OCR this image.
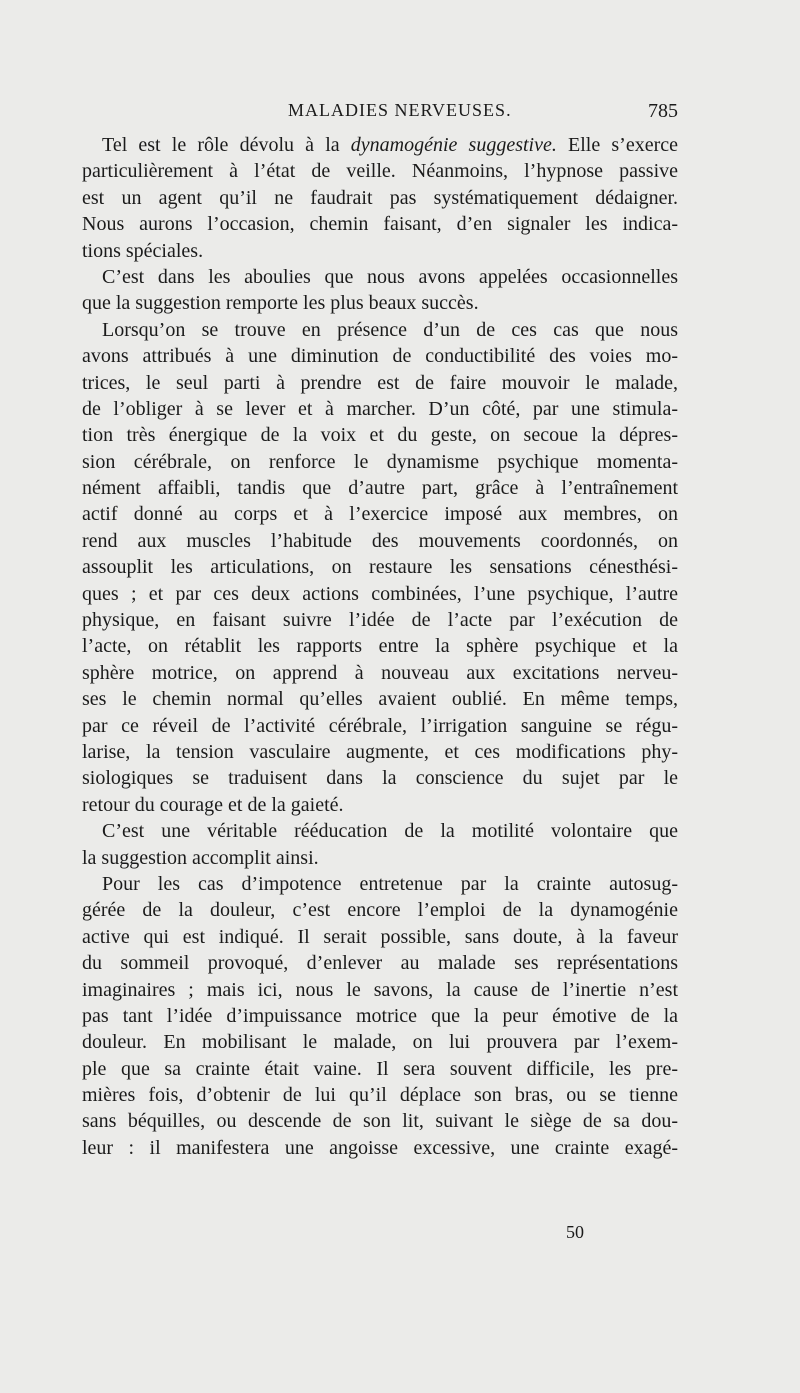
MALADIES NERVEUSES.	785
Tel est le rôle dévolu à la dynamogénie suggestive. Elle s’exerce
particulièrement à l’état de veille. Néanmoins, l’hypnose passive
est un agent qu’il ne faudrait pas systématiquement dédaigner.
Nous aurons l’occasion, chemin faisant, d’en signaler les indica-
tions spéciales.
C’est dans les aboulies que nous avons appelées occasionnelles
que la suggestion remporte les plus beaux succès.
Lorsqu’on se trouve en présence d’un de ces cas que nous
avons attribués à une diminution de conductibilité des voies mo-
trices, le seul parti à prendre est de faire mouvoir le malade,
de l’obliger à se lever et à marcher. D’un côté, par une stimula-
tion très énergique de la voix et du geste, on secoue la dépres-
sion cérébrale, on renforce le dynamisme psychique momenta-
nément affaibli, tandis que d’autre part, grâce à l’entraînement
actif donné au corps et à l’exercice imposé aux membres, on
rend aux muscles l’habitude des mouvements coordonnés, on
assouplit les articulations, on restaure les sensations cénesthési-
ques ; et par ces deux actions combinées, l’une psychique, l’autre
physique, en faisant suivre l’idée de l’acte par l’exécution de
l’acte, on rétablit les rapports entre la sphère psychique et la
sphère motrice, on apprend à nouveau aux excitations nerveu-
ses le chemin normal qu’elles avaient oublié. En même temps,
par ce réveil de l’activité cérébrale, l’irrigation sanguine se régu-
larise, la tension vasculaire augmente, et ces modifications phy-
siologiques se traduisent dans la conscience du sujet par le
retour du courage et de la gaieté.
C’est une véritable rééducation de la motilité volontaire que
la suggestion accomplit ainsi.
Pour les cas d’impotence entretenue par la crainte autosug-
gérée de la douleur, c’est encore l’emploi de la dynamogénie
active qui est indiqué. Il serait possible, sans doute, à la faveur
du sommeil provoqué, d’enlever au malade ses représentations
imaginaires ; mais ici, nous le savons, la cause de l’inertie n’est
pas tant l’idée d’impuissance motrice que la peur émotive de la
douleur. En mobilisant le malade, on lui prouvera par l’exem-
ple que sa crainte était vaine. Il sera souvent difficile, les pre-
mières fois, d’obtenir de lui qu’il déplace son bras, ou se tienne
sans béquilles, ou descende de son lit, suivant le siège de sa dou-
leur : il manifestera une angoisse excessive, une crainte exagé-
50
